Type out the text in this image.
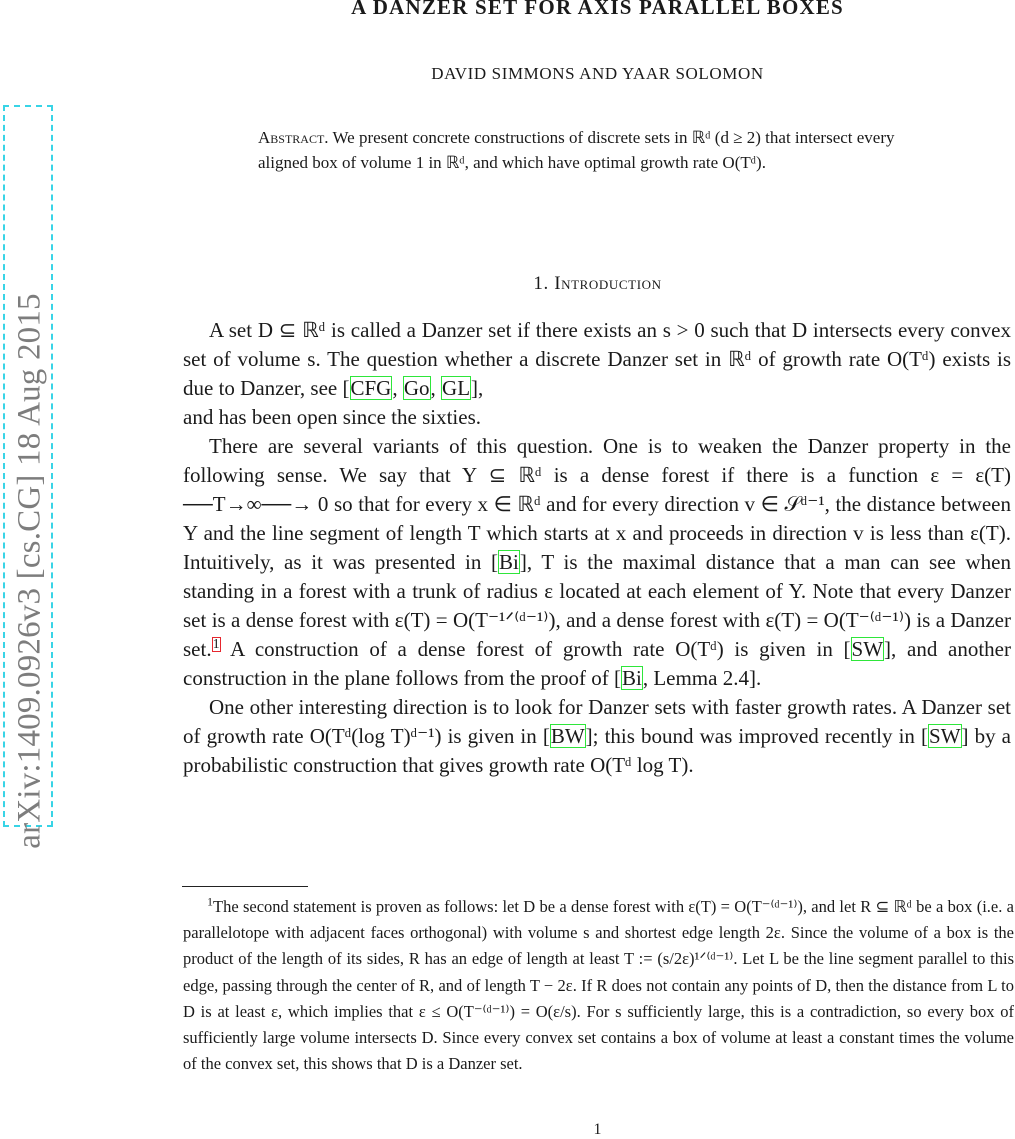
arXiv:1409.0926v3 [cs.CG] 18 Aug 2015
A DANZER SET FOR AXIS PARALLEL BOXES
DAVID SIMMONS AND YAAR SOLOMON
Abstract. We present concrete constructions of discrete sets in ℝᵈ (d ≥ 2) that intersect every aligned box of volume 1 in ℝᵈ, and which have optimal growth rate O(Tᵈ).
1. Introduction

A set D ⊆ ℝᵈ is called a Danzer set if there exists an s > 0 such that D intersects every convex set of volume s. The question whether a discrete Danzer set in ℝᵈ of growth rate O(Tᵈ) exists is due to Danzer, see [CFG, Go, GL],
and has been open since the sixties.

There are several variants of this question. One is to weaken the Danzer property in the following sense. We say that Y ⊆ ℝᵈ is a dense forest if there is a function ε = ε(T) ──T→∞──→ 0 so that for every x ∈ ℝᵈ and for every direction v ∈ 𝒮ᵈ⁻¹, the distance between Y and the line segment of length T which starts at x and proceeds in direction v is less than ε(T). Intuitively, as it was presented in [Bi], T is the maximal distance that a man can see when standing in a forest with a trunk of radius ε located at each element of Y. Note that every Danzer set is a dense forest with ε(T) = O(T⁻¹ᐟ⁽ᵈ⁻¹⁾), and a dense forest with ε(T) = O(T⁻⁽ᵈ⁻¹⁾) is a Danzer set.$^1$ A construction of a dense forest of growth rate O(Tᵈ) is given in [SW], and another construction in the plane follows from the proof of [Bi, Lemma 2.4].

One other interesting direction is to look for Danzer sets with faster growth rates. A Danzer set of growth rate O(Tᵈ(log T)ᵈ⁻¹) is given in [BW]; this bound was improved recently in [SW] by a probabilistic construction that gives growth rate O(Tᵈ log T).

$^1$The second statement is proven as follows: let D be a dense forest with ε(T) = O(T⁻⁽ᵈ⁻¹⁾), and let R ⊆ ℝᵈ be a box (i.e. a parallelotope with adjacent faces orthogonal) with volume s and shortest edge length 2ε. Since the volume of a box is the product of the length of its sides, R has an edge of length at least T := (s/2ε)¹ᐟ⁽ᵈ⁻¹⁾. Let L be the line segment parallel to this edge, passing through the center of R, and of length T − 2ε. If R does not contain any points of D, then the distance from L to D is at least ε, which implies that ε ≤ O(T⁻⁽ᵈ⁻¹⁾) = O(ε/s). For s sufficiently large, this is a contradiction, so every box of sufficiently large volume intersects D. Since every convex set contains a box of volume at least a constant times the volume of the convex set, this shows that D is a Danzer set.
1
